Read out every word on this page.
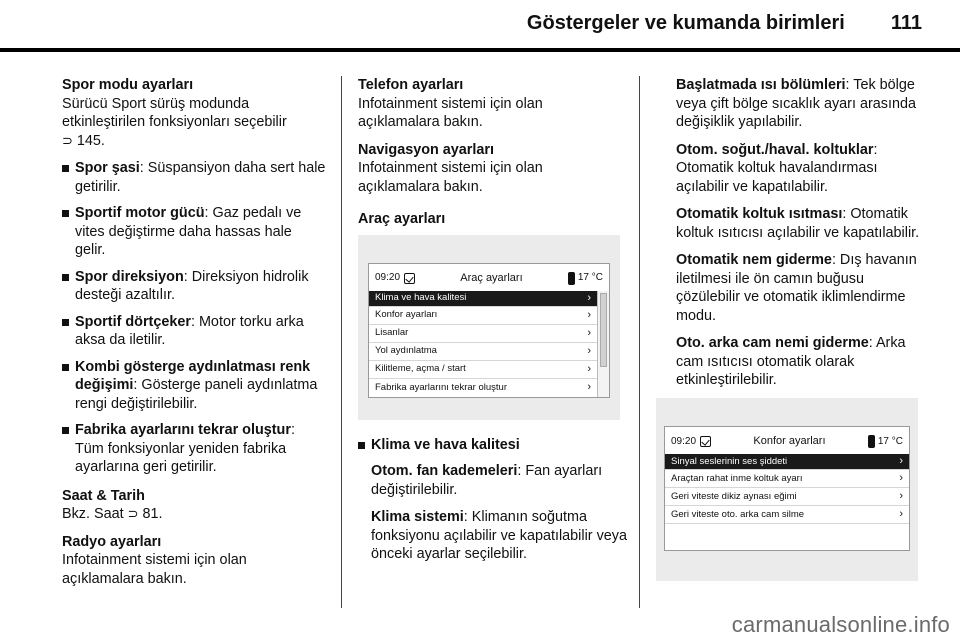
Göstergeler ve kumanda birimleri 111
Spor modu ayarları
Sürücü Sport sürüş modunda etkinleştirilen fonksiyonları seçebilir
⊃ 145.
Spor şasi: Süspansiyon daha sert hale getirilir.
Sportif motor gücü: Gaz pedalı ve vites değiştirme daha hassas hale gelir.
Spor direksiyon: Direksiyon hidrolik desteği azaltılır.
Sportif dörtçeker: Motor torku arka aksa da iletilir.
Kombi gösterge aydınlatması renk değişimi: Gösterge paneli aydınlatma rengi değiştirilebilir.
Fabrika ayarlarını tekrar oluştur: Tüm fonksiyonlar yeniden fabrika ayarlarına geri getirilir.
Saat & Tarih
Bkz. Saat ⊃ 81.
Radyo ayarları
Infotainment sistemi için olan açıklamalara bakın.
Telefon ayarları
Infotainment sistemi için olan açıklamalara bakın.
Navigasyon ayarları
Infotainment sistemi için olan açıklamalara bakın.
Araç ayarları
09:20	Araç ayarları	17 °C
Klima ve hava kalitesi	›
Konfor ayarları	›
Lisanlar	›
Yol aydınlatma	›
Kilitleme, açma / start	›
Fabrika ayarlarını tekrar oluştur	›
Klima ve hava kalitesi
Otom. fan kademeleri: Fan ayarları değiştirilebilir.
Klima sistemi: Klimanın soğutma fonksiyonu açılabilir ve kapatılabilir veya önceki ayarlar seçilebilir.
Başlatmada ısı bölümleri: Tek bölge veya çift bölge sıcaklık ayarı arasında değişiklik yapılabilir.
Otom. soğut./haval. koltuklar: Otomatik koltuk havalandırması açılabilir ve kapatılabilir.
Otomatik koltuk ısıtması: Otomatik koltuk ısıtıcısı açılabilir ve kapatılabilir.
Otomatik nem giderme: Dış havanın iletilmesi ile ön camın buğusu çözülebilir ve otomatik iklimlendirme modu.
Oto. arka cam nemi giderme: Arka cam ısıtıcısı otomatik olarak etkinleştirilebilir.
09:20	Konfor ayarları	17 °C
Sinyal seslerinin ses şiddeti	›
Araçtan rahat inme koltuk ayarı	›
Geri viteste dikiz aynası eğimi	›
Geri viteste oto. arka cam silme	›
carmanualsonline.info
